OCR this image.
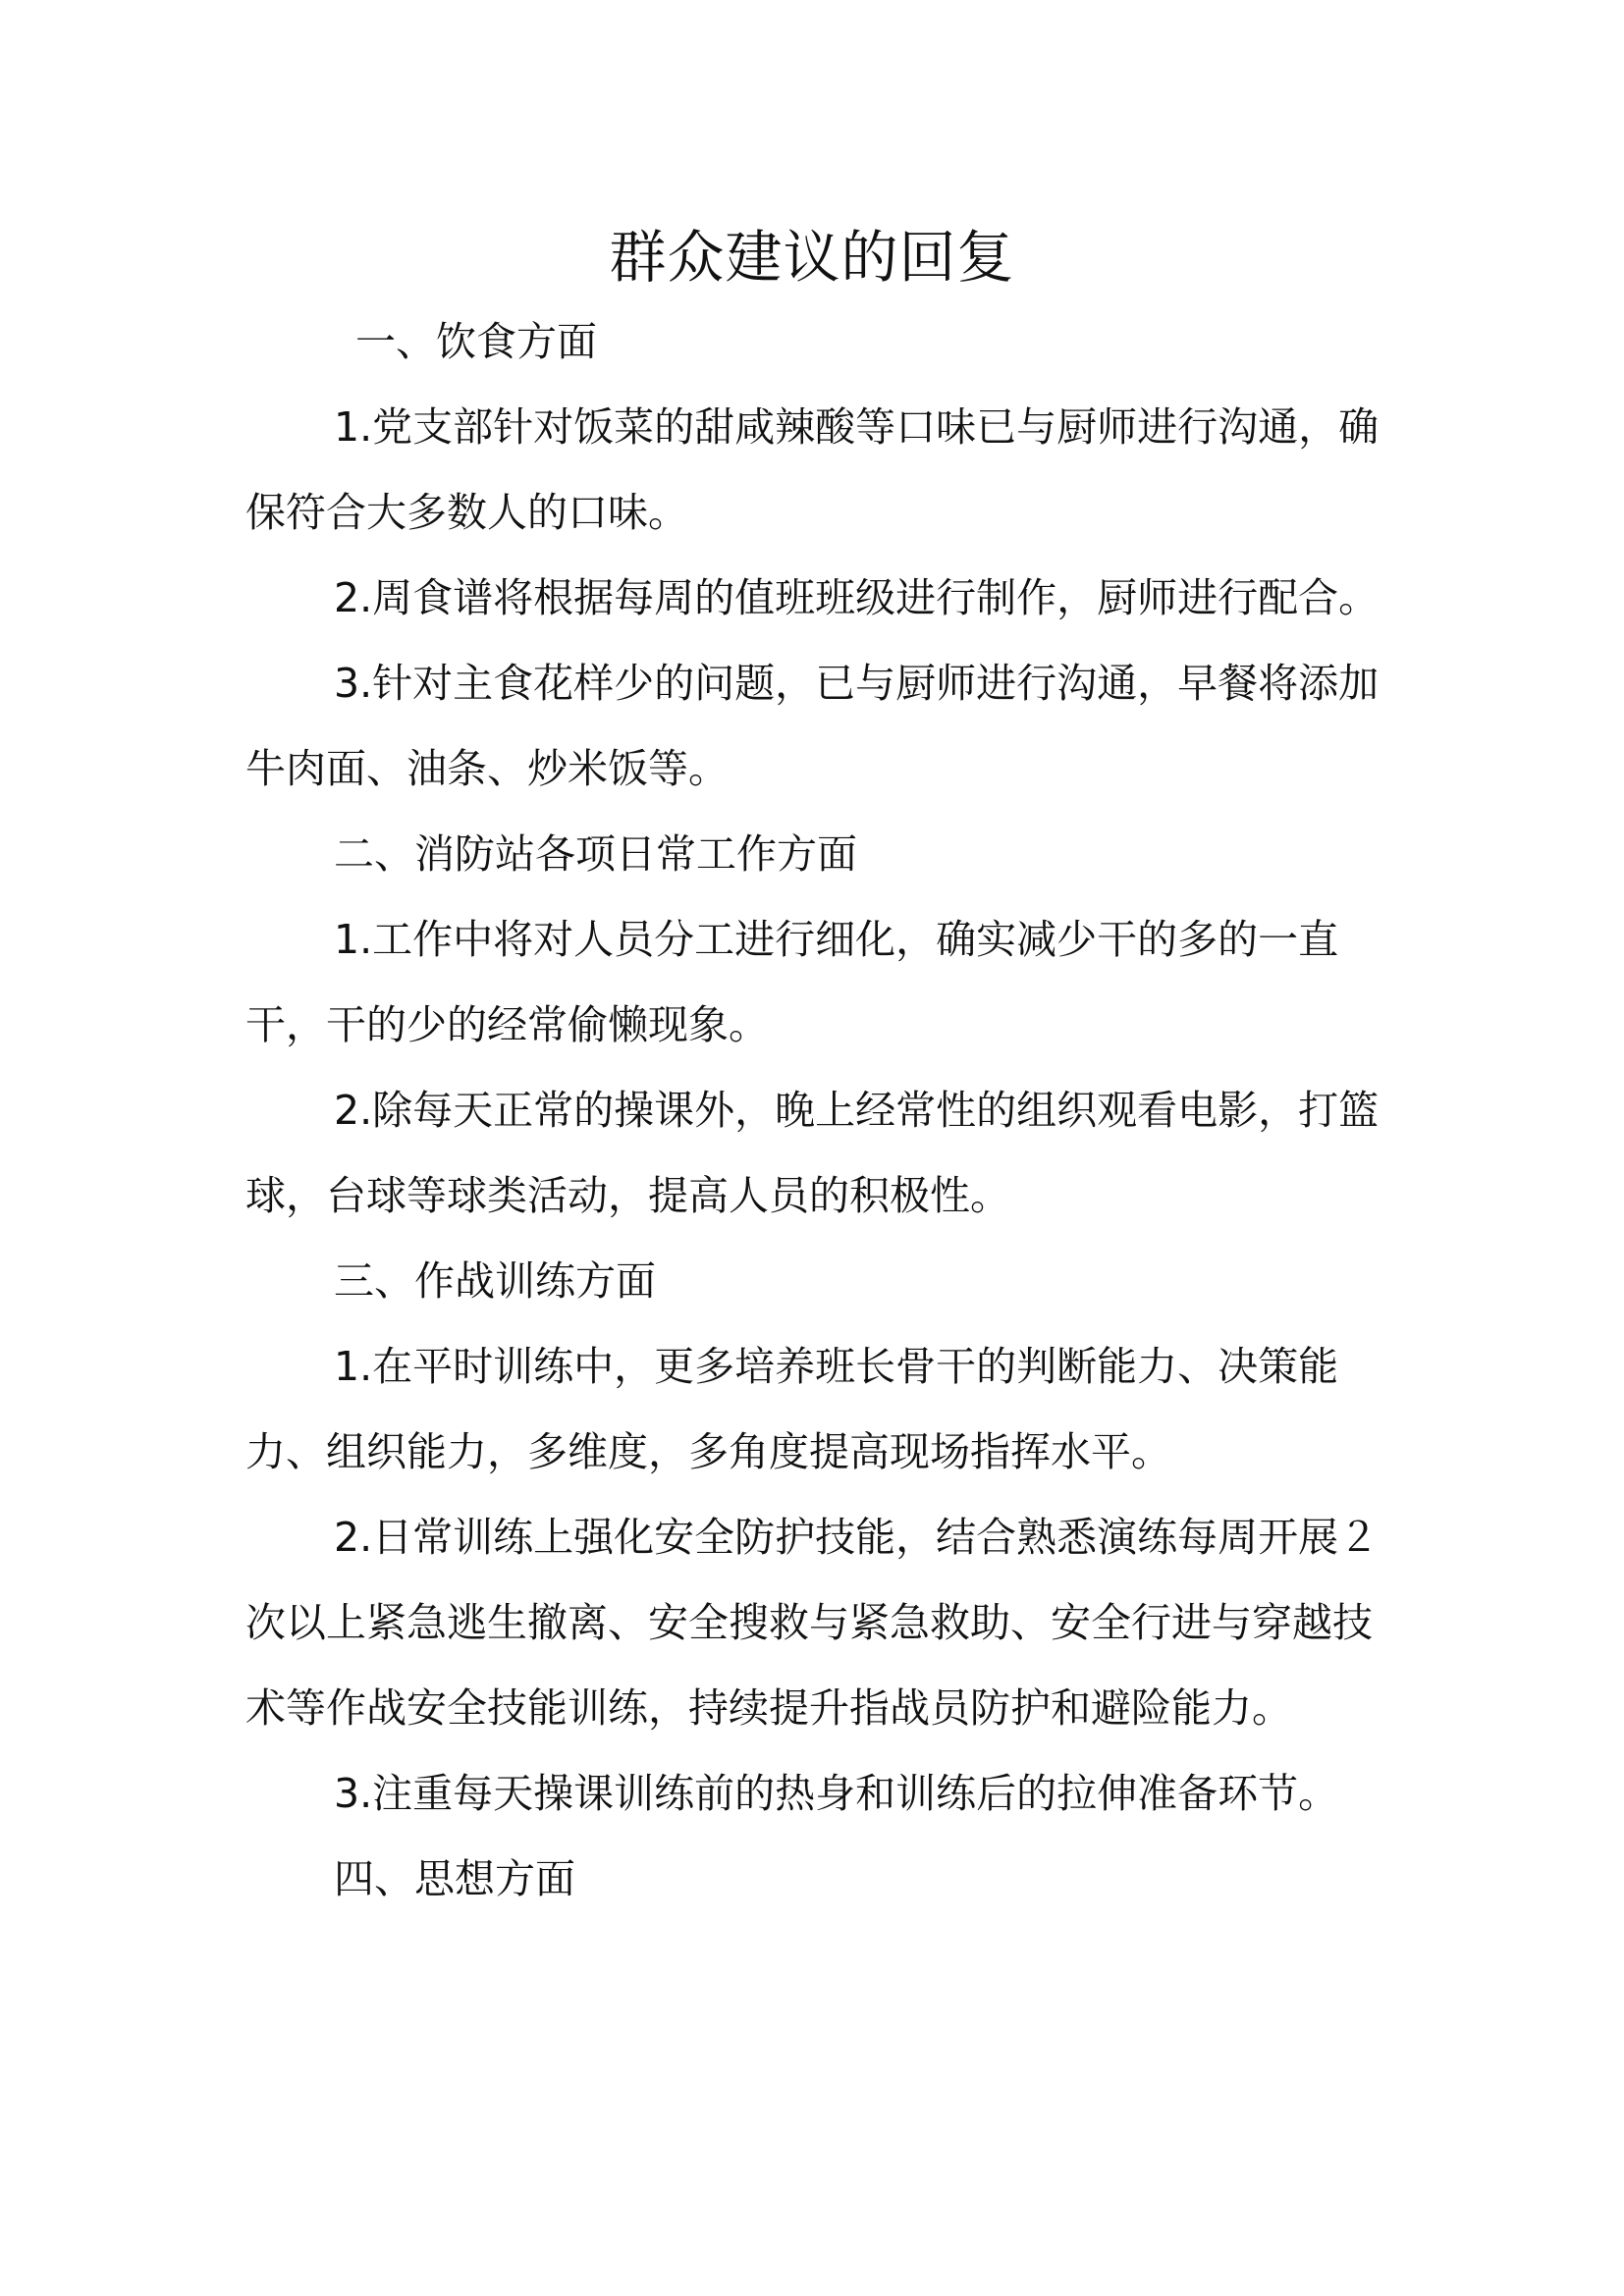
群众建议的回复

一、饮食方面

1.党支部针对饭菜的甜咸辣酸等口味已与厨师进行沟通，确保符合大多数人的口味。

2.周食谱将根据每周的值班班级进行制作，厨师进行配合。

3.针对主食花样少的问题，已与厨师进行沟通，早餐将添加牛肉面、油条、炒米饭等。

二、消防站各项日常工作方面

1.工作中将对人员分工进行细化，确实减少干的多的一直干，干的少的经常偷懒现象。

2.除每天正常的操课外，晚上经常性的组织观看电影，打篮球，台球等球类活动，提高人员的积极性。

三、作战训练方面

1.在平时训练中，更多培养班长骨干的判断能力、决策能力、组织能力，多维度，多角度提高现场指挥水平。

2.日常训练上强化安全防护技能，结合熟悉演练每周开展２次以上紧急逃生撤离、安全搜救与紧急救助、安全行进与穿越技术等作战安全技能训练，持续提升指战员防护和避险能力。

3.注重每天操课训练前的热身和训练后的拉伸准备环节。

四、思想方面
